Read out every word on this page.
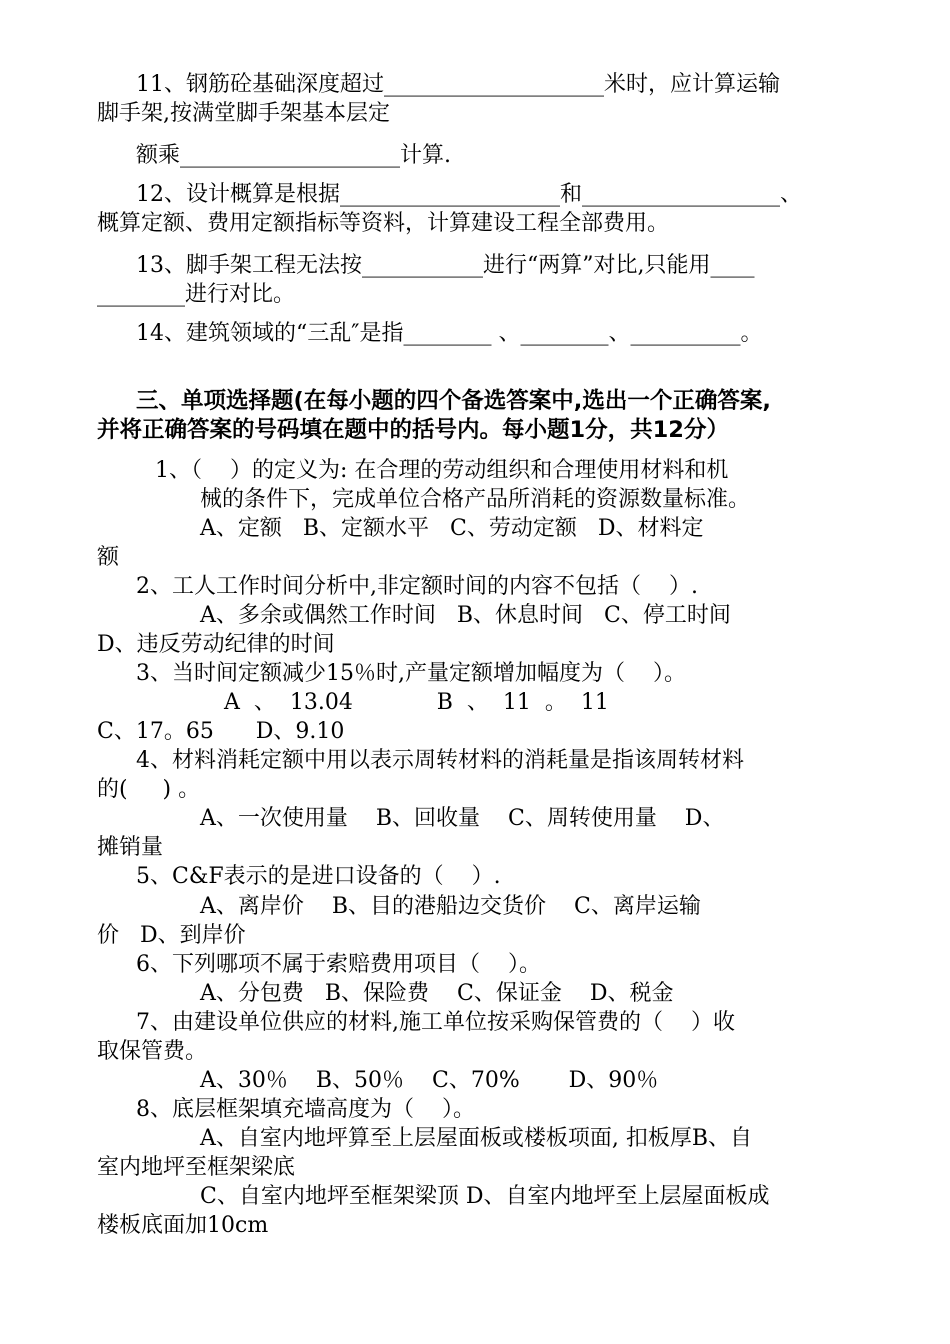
11、钢筋砼基础深度超过____________________米时，应计算运输
脚手架,按满堂脚手架基本层定
额乘____________________计算.
12、设计概算是根据____________________和__________________、
概算定额、费用定额指标等资料，计算建设工程全部费用。
13、脚手架工程无法按___________进行“两算”对比,只能用____
________进行对比。
14、建筑领域的“三乱″是指________ 、________、__________。
三、单项选择题(在每小题的四个备选答案中,选出一个正确答案,
并将正确答案的号码填在题中的括号内。每小题1分，共12分）
1、（    ）的定义为: 在合理的劳动组织和合理使用材料和机
械的条件下，完成单位合格产品所消耗的资源数量标准。
A、定额   B、定额水平   C、劳动定额   D、材料定
额
2、工人工作时间分析中,非定额时间的内容不包括（    ）.
A、多余或偶然工作时间   B、休息时间   C、停工时间
D、违反劳动纪律的时间
3、当时间定额减少15％时,产量定额增加幅度为（    ）。
A  、  13.04            B  、  11  。  11
C、17。65      D、9.10
4、材料消耗定额中用以表示周转材料的消耗量是指该周转材料
的(     ) 。
A、一次使用量    B、回收量    C、周转使用量    D、
摊销量
5、C&F表示的是进口设备的（    ）.
A、离岸价    B、目的港船边交货价    C、离岸运输
价   D、到岸价
6、下列哪项不属于索赔费用项目（    ）。
A、分包费   B、保险费    C、保证金    D、税金
7、由建设单位供应的材料,施工单位按采购保管费的（    ）收
取保管费。
A、30％    B、50％    C、70%       D、90％
8、底层框架填充墙高度为（    ）。
A、自室内地坪算至上层屋面板或楼板项面, 扣板厚B、自
室内地坪至框架梁底
C、自室内地坪至框架梁顶 D、自室内地坪至上层屋面板成
楼板底面加10cm
